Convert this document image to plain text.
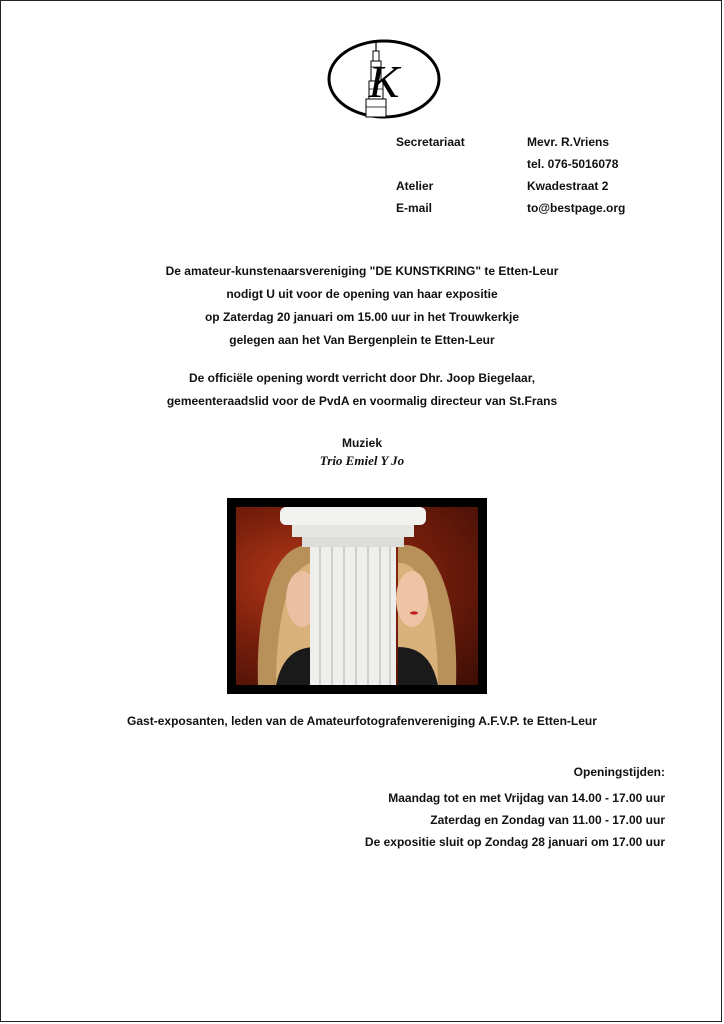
K
Secretariaat	Mevr. R.Vriens
tel. 076-5016078
Atelier	Kwadestraat 2
E-mail	to@bestpage.org
De amateur-kunstenaarsvereniging "DE KUNSTKRING" te Etten-Leur
nodigt U uit voor de opening van haar expositie
op Zaterdag 20 januari om 15.00 uur in het Trouwkerkje
gelegen aan het Van Bergenplein te Etten-Leur
De officiële opening wordt verricht door Dhr. Joop Biegelaar,
gemeenteraadslid voor de PvdA en voormalig directeur van St.Frans
Muziek
Trio Emiel Y Jo
Gast-exposanten, leden van de Amateurfotografenvereniging A.F.V.P. te Etten-Leur
Openingstijden:
Maandag tot en met Vrijdag van 14.00 - 17.00 uur
Zaterdag en Zondag van 11.00 - 17.00 uur
De expositie sluit op Zondag 28 januari om 17.00 uur
